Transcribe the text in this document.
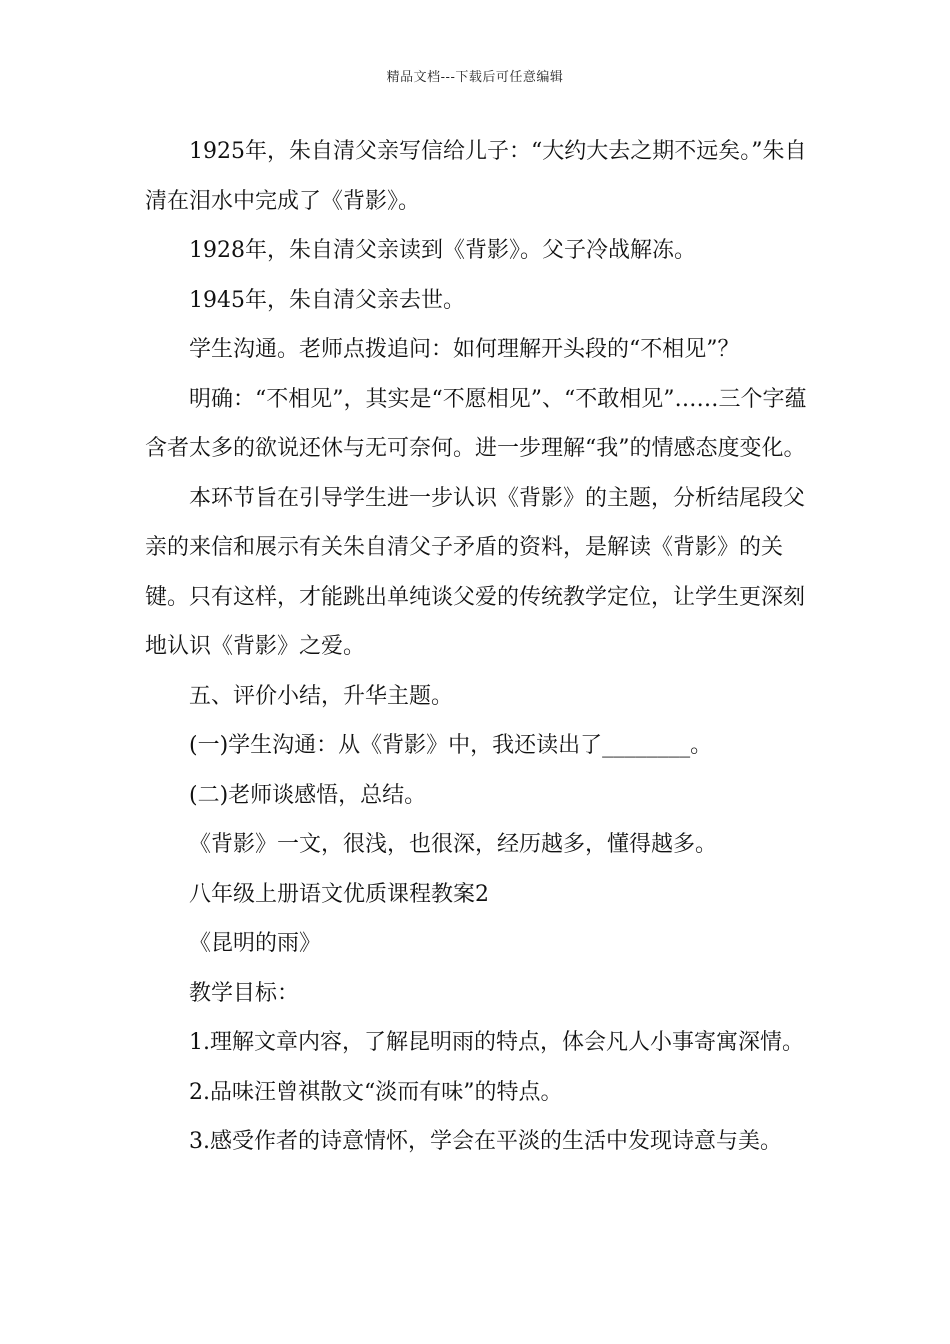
精品文档---下载后可任意编辑

1925年，朱自清父亲写信给儿子：“大约大去之期不远矣。”朱自清在泪水中完成了《背影》。

1928年，朱自清父亲读到《背影》。父子冷战解冻。

1945年，朱自清父亲去世。

学生沟通。老师点拨追问：如何理解开头段的“不相见”？

明确：“不相见”，其实是“不愿相见”、“不敢相见”……三个字蕴含者太多的欲说还休与无可奈何。进一步理解“我”的情感态度变化。

本环节旨在引导学生进一步认识《背影》的主题，分析结尾段父亲的来信和展示有关朱自清父子矛盾的资料，是解读《背影》的关键。只有这样，才能跳出单纯谈父爱的传统教学定位，让学生更深刻地认识《背影》之爱。

五、评价小结，升华主题。

(一)学生沟通：从《背影》中，我还读出了________。

(二)老师谈感悟，总结。

《背影》一文，很浅，也很深，经历越多，懂得越多。

八年级上册语文优质课程教案2

《昆明的雨》

教学目标：

1.理解文章内容，了解昆明雨的特点，体会凡人小事寄寓深情。

2.品味汪曾祺散文“淡而有味”的特点。

3.感受作者的诗意情怀，学会在平淡的生活中发现诗意与美。
